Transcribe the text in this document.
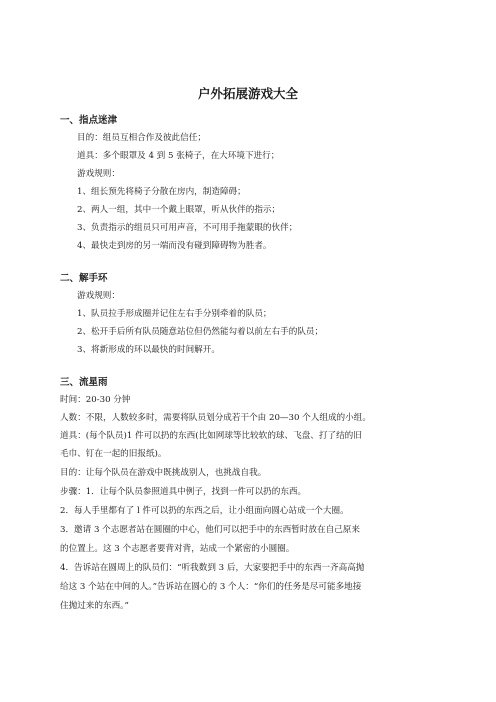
户外拓展游戏大全
一、指点迷津
目的：组员互相合作及彼此信任；
道具：多个眼罩及 4 到 5 张椅子，在大环境下进行；
游戏规则：
1、组长预先将椅子分散在房内，制造障碍；
2、两人一组，其中一个戴上眼罩，听从伙伴的指示；
3、负责指示的组员只可用声音，不可用手拖蒙眼的伙伴；
4、最快走到房的另一端而没有碰到障碍物为胜者。
二、解手环
游戏规则：
1、队员拉手形成圈并记住左右手分别牵着的队员；
2、松开手后所有队员随意站位但仍然能勾着以前左右手的队员；
3、将新形成的环以最快的时间解开。
三、流星雨
时间：20-30 分钟
人数：不限，人数较多时，需要将队员划分成若干个由 20—30 个人组成的小组。
道具：(每个队员)1 件可以扔的东西(比如网球等比较软的球、飞盘、打了结的旧
毛巾、钉在一起的旧报纸)。
目的：让每个队员在游戏中既挑战别人，也挑战自我。
步骤：1．让每个队员参照道具中例子，找到一件可以扔的东西。
2．每人手里都有了 l 件可以扔的东西之后，让小组面向圆心站成一个大圈。
3．邀请 3 个志愿者站在圆圈的中心，他们可以把手中的东西暂时放在自己原来
的位置上。这 3 个志愿者要背对背，站成一个紧密的小圆圈。
4．告诉站在圆周上的队员们：“听我数到 3 后，大家要把手中的东西一齐高高抛
给这 3 个站在中间的人。”告诉站在圆心的 3 个人：“你们的任务是尽可能多地接
住抛过来的东西。”
